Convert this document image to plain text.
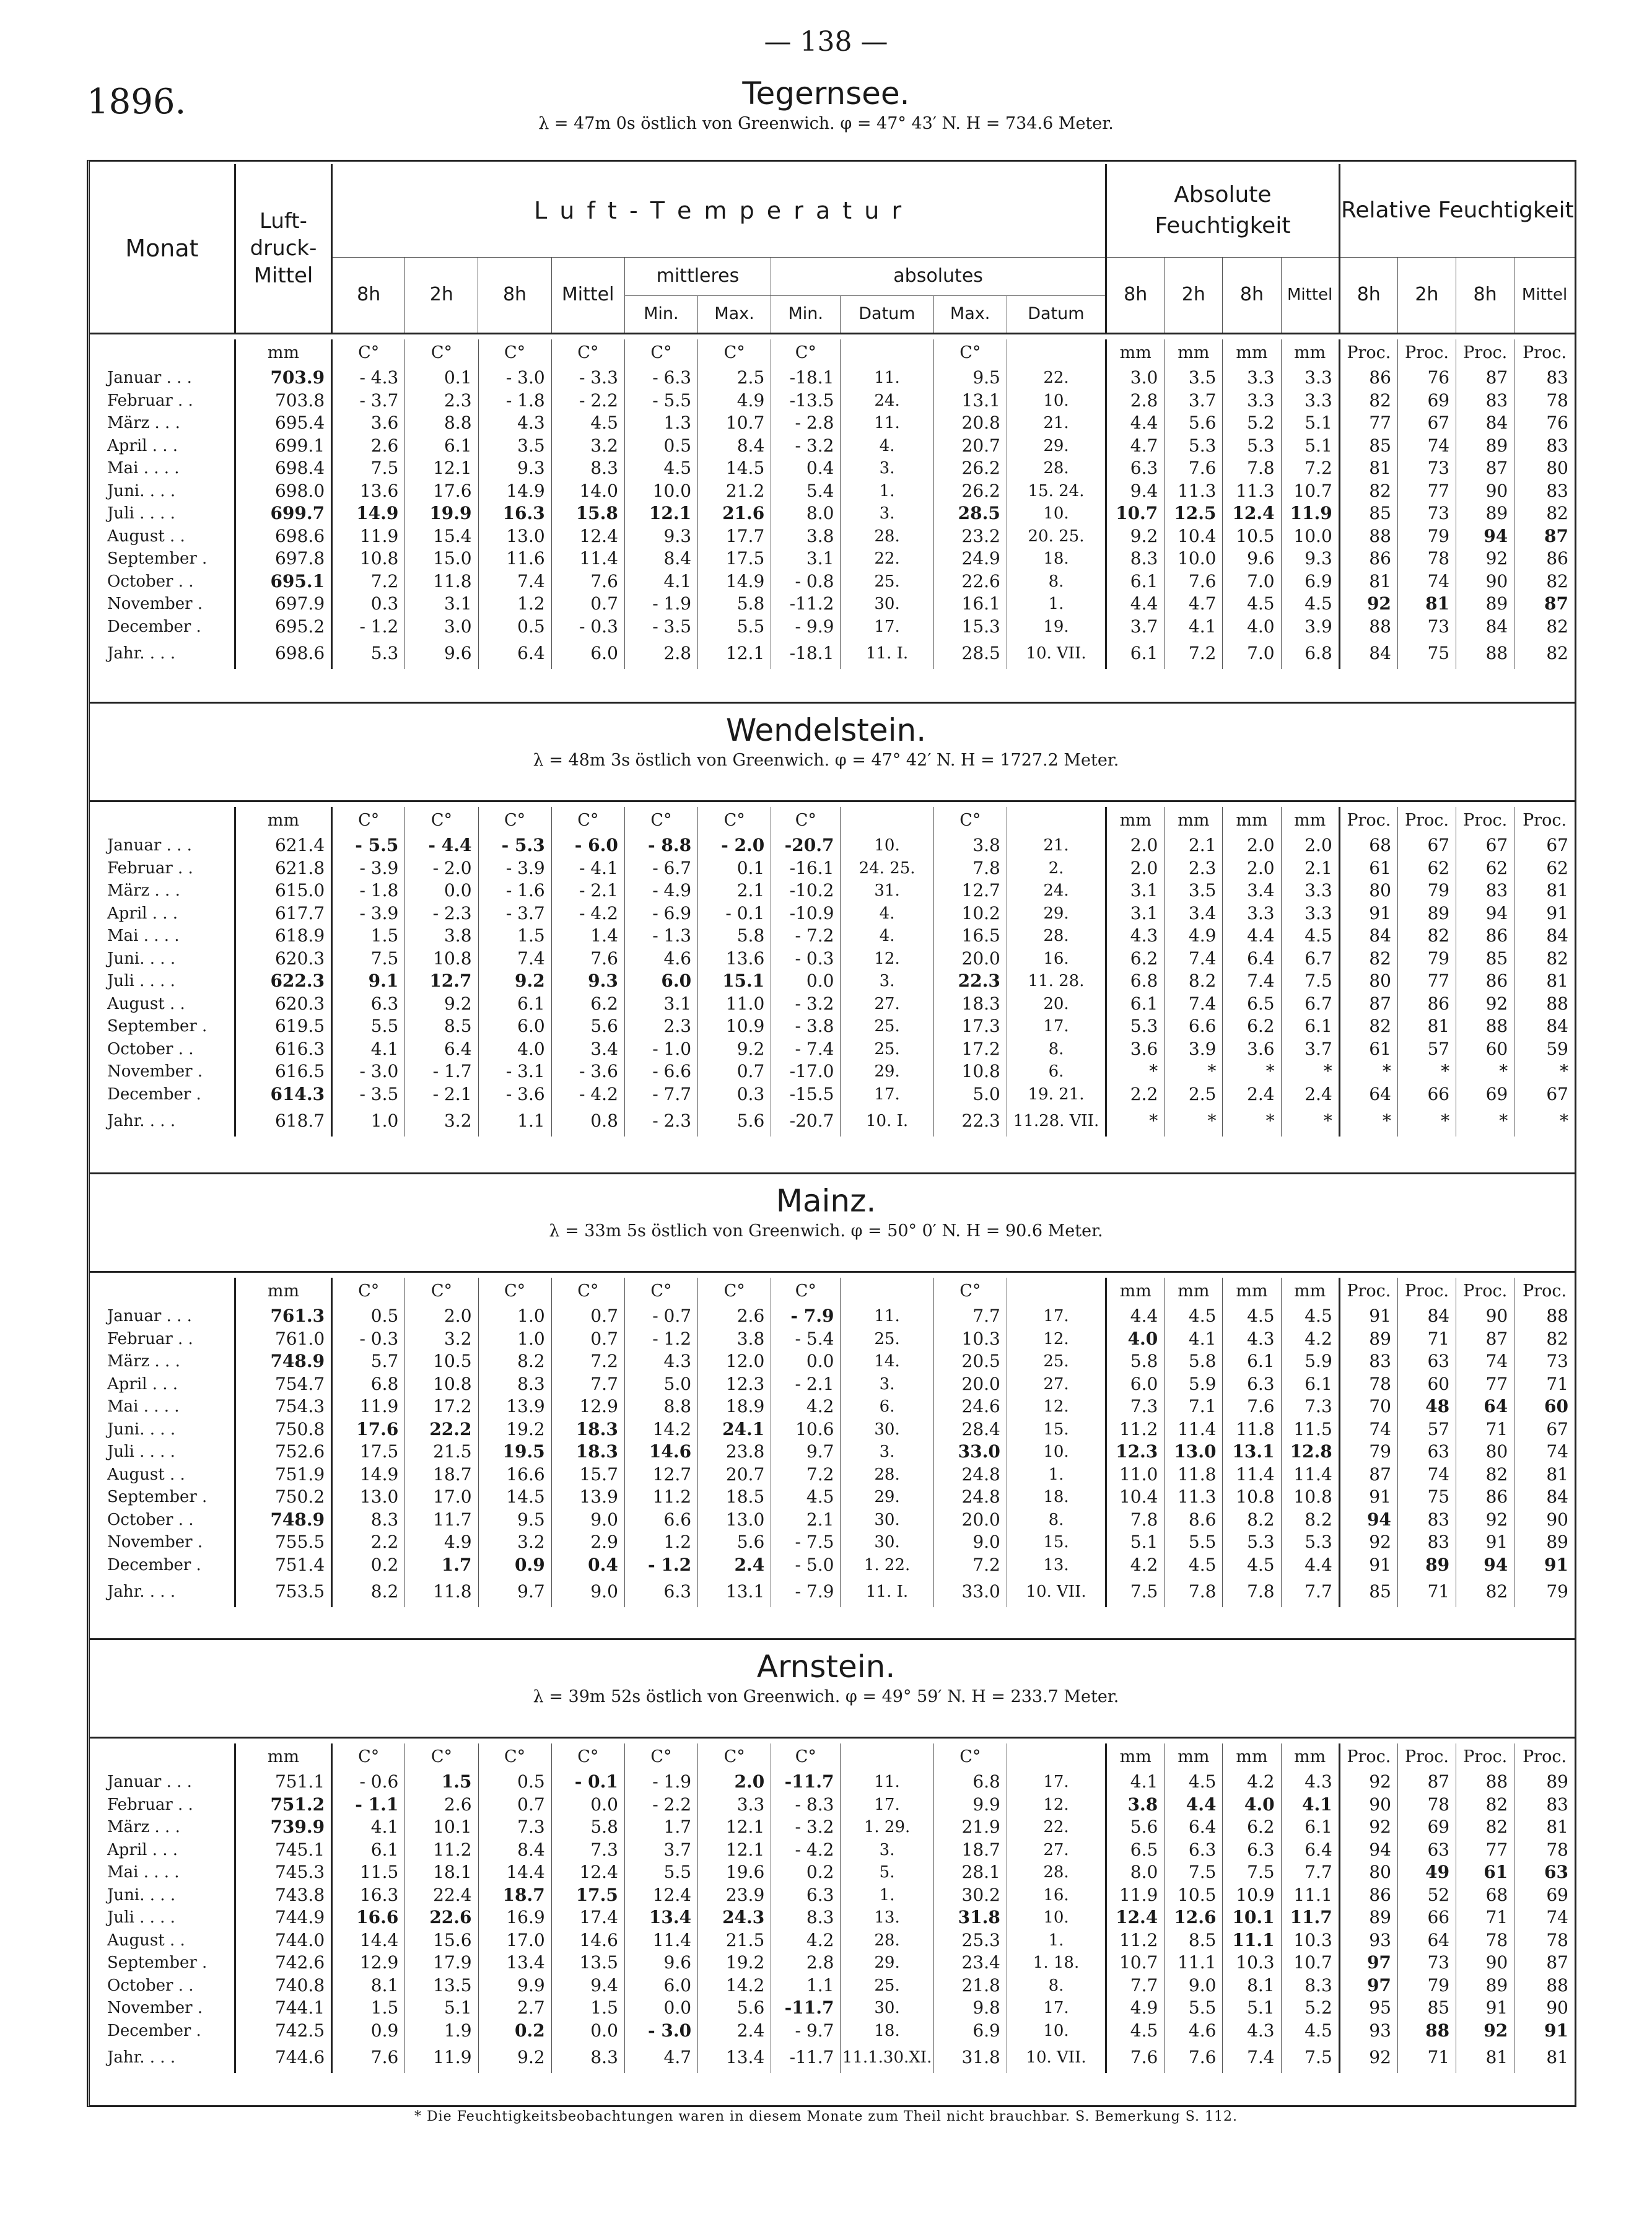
— 138 —
1896.
Monat	Luft-druck-Mittel	L u f t - T e m p e r a t u r										Absolute Feuchtigkeit				Relative Feuchtigkeit			
		8h	2h	8h	Mittel	mittleres		absolutes				8h	2h	8h	Mittel	8h	2h	8h	Mittel
						Min.	Max.	Min.	Datum	Max.	Datum								
Tegernsee.
λ = 47m 0s östlich von Greenwich. φ = 47° 43′ N. H = 734.6 Meter.
Wendelstein.
λ = 48m 3s östlich von Greenwich. φ = 47° 42′ N. H = 1727.2 Meter.
Mainz.
λ = 33m 5s östlich von Greenwich. φ = 50° 0′ N. H = 90.6 Meter.
Arnstein.
λ = 39m 52s östlich von Greenwich. φ = 49° 59′ N. H = 233.7 Meter.
	mm	C°	C°	C°	C°	C°	C°	C°		C°		mm	mm	mm	mm	Proc.	Proc.	Proc.	Proc.
Januar . . .	703.9	- 4.3	0.1	- 3.0	- 3.3	- 6.3	2.5	-18.1	11.	9.5	22.	3.0	3.5	3.3	3.3	86	76	87	83
Februar . .	703.8	- 3.7	2.3	- 1.8	- 2.2	- 5.5	4.9	-13.5	24.	13.1	10.	2.8	3.7	3.3	3.3	82	69	83	78
März . . .	695.4	3.6	8.8	4.3	4.5	1.3	10.7	- 2.8	11.	20.8	21.	4.4	5.6	5.2	5.1	77	67	84	76
April . . .	699.1	2.6	6.1	3.5	3.2	0.5	8.4	- 3.2	4.	20.7	29.	4.7	5.3	5.3	5.1	85	74	89	83
Mai . . . .	698.4	7.5	12.1	9.3	8.3	4.5	14.5	0.4	3.	26.2	28.	6.3	7.6	7.8	7.2	81	73	87	80
Juni. . . .	698.0	13.6	17.6	14.9	14.0	10.0	21.2	5.4	1.	26.2	15. 24.	9.4	11.3	11.3	10.7	82	77	90	83
Juli . . . .	699.7	14.9	19.9	16.3	15.8	12.1	21.6	8.0	3.	28.5	10.	10.7	12.5	12.4	11.9	85	73	89	82
August . .	698.6	11.9	15.4	13.0	12.4	9.3	17.7	3.8	28.	23.2	20. 25.	9.2	10.4	10.5	10.0	88	79	94	87
September .	697.8	10.8	15.0	11.6	11.4	8.4	17.5	3.1	22.	24.9	18.	8.3	10.0	9.6	9.3	86	78	92	86
October . .	695.1	7.2	11.8	7.4	7.6	4.1	14.9	- 0.8	25.	22.6	8.	6.1	7.6	7.0	6.9	81	74	90	82
November .	697.9	0.3	3.1	1.2	0.7	- 1.9	5.8	-11.2	30.	16.1	1.	4.4	4.7	4.5	4.5	92	81	89	87
December .	695.2	- 1.2	3.0	0.5	- 0.3	- 3.5	5.5	- 9.9	17.	15.3	19.	3.7	4.1	4.0	3.9	88	73	84	82
Jahr. . . .	698.6	5.3	9.6	6.4	6.0	2.8	12.1	-18.1	11. I.	28.5	10. VII.	6.1	7.2	7.0	6.8	84	75	88	82
	mm	C°	C°	C°	C°	C°	C°	C°		C°		mm	mm	mm	mm	Proc.	Proc.	Proc.	Proc.
Januar . . .	621.4	- 5.5	- 4.4	- 5.3	- 6.0	- 8.8	- 2.0	-20.7	10.	3.8	21.	2.0	2.1	2.0	2.0	68	67	67	67
Februar . .	621.8	- 3.9	- 2.0	- 3.9	- 4.1	- 6.7	0.1	-16.1	24. 25.	7.8	2.	2.0	2.3	2.0	2.1	61	62	62	62
März . . .	615.0	- 1.8	0.0	- 1.6	- 2.1	- 4.9	2.1	-10.2	31.	12.7	24.	3.1	3.5	3.4	3.3	80	79	83	81
April . . .	617.7	- 3.9	- 2.3	- 3.7	- 4.2	- 6.9	- 0.1	-10.9	4.	10.2	29.	3.1	3.4	3.3	3.3	91	89	94	91
Mai . . . .	618.9	1.5	3.8	1.5	1.4	- 1.3	5.8	- 7.2	4.	16.5	28.	4.3	4.9	4.4	4.5	84	82	86	84
Juni. . . .	620.3	7.5	10.8	7.4	7.6	4.6	13.6	- 0.3	12.	20.0	16.	6.2	7.4	6.4	6.7	82	79	85	82
Juli . . . .	622.3	9.1	12.7	9.2	9.3	6.0	15.1	0.0	3.	22.3	11. 28.	6.8	8.2	7.4	7.5	80	77	86	81
August . .	620.3	6.3	9.2	6.1	6.2	3.1	11.0	- 3.2	27.	18.3	20.	6.1	7.4	6.5	6.7	87	86	92	88
September .	619.5	5.5	8.5	6.0	5.6	2.3	10.9	- 3.8	25.	17.3	17.	5.3	6.6	6.2	6.1	82	81	88	84
October . .	616.3	4.1	6.4	4.0	3.4	- 1.0	9.2	- 7.4	25.	17.2	8.	3.6	3.9	3.6	3.7	61	57	60	59
November .	616.5	- 3.0	- 1.7	- 3.1	- 3.6	- 6.6	0.7	-17.0	29.	10.8	6.	*	*	*	*	*	*	*	*
December .	614.3	- 3.5	- 2.1	- 3.6	- 4.2	- 7.7	0.3	-15.5	17.	5.0	19. 21.	2.2	2.5	2.4	2.4	64	66	69	67
Jahr. . . .	618.7	1.0	3.2	1.1	0.8	- 2.3	5.6	-20.7	10. I.	22.3	11.28. VII.	*	*	*	*	*	*	*	*
	mm	C°	C°	C°	C°	C°	C°	C°		C°		mm	mm	mm	mm	Proc.	Proc.	Proc.	Proc.
Januar . . .	761.3	0.5	2.0	1.0	0.7	- 0.7	2.6	- 7.9	11.	7.7	17.	4.4	4.5	4.5	4.5	91	84	90	88
Februar . .	761.0	- 0.3	3.2	1.0	0.7	- 1.2	3.8	- 5.4	25.	10.3	12.	4.0	4.1	4.3	4.2	89	71	87	82
März . . .	748.9	5.7	10.5	8.2	7.2	4.3	12.0	0.0	14.	20.5	25.	5.8	5.8	6.1	5.9	83	63	74	73
April . . .	754.7	6.8	10.8	8.3	7.7	5.0	12.3	- 2.1	3.	20.0	27.	6.0	5.9	6.3	6.1	78	60	77	71
Mai . . . .	754.3	11.9	17.2	13.9	12.9	8.8	18.9	4.2	6.	24.6	12.	7.3	7.1	7.6	7.3	70	48	64	60
Juni. . . .	750.8	17.6	22.2	19.2	18.3	14.2	24.1	10.6	30.	28.4	15.	11.2	11.4	11.8	11.5	74	57	71	67
Juli . . . .	752.6	17.5	21.5	19.5	18.3	14.6	23.8	9.7	3.	33.0	10.	12.3	13.0	13.1	12.8	79	63	80	74
August . .	751.9	14.9	18.7	16.6	15.7	12.7	20.7	7.2	28.	24.8	1.	11.0	11.8	11.4	11.4	87	74	82	81
September .	750.2	13.0	17.0	14.5	13.9	11.2	18.5	4.5	29.	24.8	18.	10.4	11.3	10.8	10.8	91	75	86	84
October . .	748.9	8.3	11.7	9.5	9.0	6.6	13.0	2.1	30.	20.0	8.	7.8	8.6	8.2	8.2	94	83	92	90
November .	755.5	2.2	4.9	3.2	2.9	1.2	5.6	- 7.5	30.	9.0	15.	5.1	5.5	5.3	5.3	92	83	91	89
December .	751.4	0.2	1.7	0.9	0.4	- 1.2	2.4	- 5.0	1. 22.	7.2	13.	4.2	4.5	4.5	4.4	91	89	94	91
Jahr. . . .	753.5	8.2	11.8	9.7	9.0	6.3	13.1	- 7.9	11. I.	33.0	10. VII.	7.5	7.8	7.8	7.7	85	71	82	79
	mm	C°	C°	C°	C°	C°	C°	C°		C°		mm	mm	mm	mm	Proc.	Proc.	Proc.	Proc.
Januar . . .	751.1	- 0.6	1.5	0.5	- 0.1	- 1.9	2.0	-11.7	11.	6.8	17.	4.1	4.5	4.2	4.3	92	87	88	89
Februar . .	751.2	- 1.1	2.6	0.7	0.0	- 2.2	3.3	- 8.3	17.	9.9	12.	3.8	4.4	4.0	4.1	90	78	82	83
März . . .	739.9	4.1	10.1	7.3	5.8	1.7	12.1	- 3.2	1. 29.	21.9	22.	5.6	6.4	6.2	6.1	92	69	82	81
April . . .	745.1	6.1	11.2	8.4	7.3	3.7	12.1	- 4.2	3.	18.7	27.	6.5	6.3	6.3	6.4	94	63	77	78
Mai . . . .	745.3	11.5	18.1	14.4	12.4	5.5	19.6	0.2	5.	28.1	28.	8.0	7.5	7.5	7.7	80	49	61	63
Juni. . . .	743.8	16.3	22.4	18.7	17.5	12.4	23.9	6.3	1.	30.2	16.	11.9	10.5	10.9	11.1	86	52	68	69
Juli . . . .	744.9	16.6	22.6	16.9	17.4	13.4	24.3	8.3	13.	31.8	10.	12.4	12.6	10.1	11.7	89	66	71	74
August . .	744.0	14.4	15.6	17.0	14.6	11.4	21.5	4.2	28.	25.3	1.	11.2	8.5	11.1	10.3	93	64	78	78
September .	742.6	12.9	17.9	13.4	13.5	9.6	19.2	2.8	29.	23.4	1. 18.	10.7	11.1	10.3	10.7	97	73	90	87
October . .	740.8	8.1	13.5	9.9	9.4	6.0	14.2	1.1	25.	21.8	8.	7.7	9.0	8.1	8.3	97	79	89	88
November .	744.1	1.5	5.1	2.7	1.5	0.0	5.6	-11.7	30.	9.8	17.	4.9	5.5	5.1	5.2	95	85	91	90
December .	742.5	0.9	1.9	0.2	0.0	- 3.0	2.4	- 9.7	18.	6.9	10.	4.5	4.6	4.3	4.5	93	88	92	91
Jahr. . . .	744.6	7.6	11.9	9.2	8.3	4.7	13.4	-11.7	11.1.30.XI.	31.8	10. VII.	7.6	7.6	7.4	7.5	92	71	81	81
* Die Feuchtigkeitsbeobachtungen waren in diesem Monate zum Theil nicht brauchbar. S. Bemerkung S. 112.
